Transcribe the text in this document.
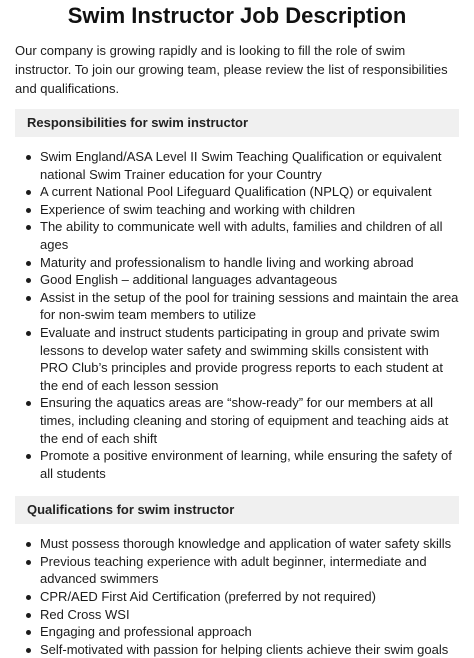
Swim Instructor Job Description

Our company is growing rapidly and is looking to fill the role of swim instructor. To join our growing team, please review the list of responsibilities and qualifications.

Responsibilities for swim instructor
Swim England/ASA Level II Swim Teaching Qualification or equivalent national Swim Trainer education for your Country
A current National Pool Lifeguard Qualification (NPLQ) or equivalent
Experience of swim teaching and working with children
The ability to communicate well with adults, families and children of all ages
Maturity and professionalism to handle living and working abroad
Good English – additional languages advantageous
Assist in the setup of the pool for training sessions and maintain the area for non-swim team members to utilize
Evaluate and instruct students participating in group and private swim lessons to develop water safety and swimming skills consistent with PRO Club’s principles and provide progress reports to each student at the end of each lesson session
Ensuring the aquatics areas are “show-ready” for our members at all times, including cleaning and storing of equipment and teaching aids at the end of each shift
Promote a positive environment of learning, while ensuring the safety of all students
Qualifications for swim instructor
Must possess thorough knowledge and application of water safety skills
Previous teaching experience with adult beginner, intermediate and advanced swimmers
CPR/AED First Aid Certification (preferred by not required)
Red Cross WSI
Engaging and professional approach
Self-motivated with passion for helping clients achieve their swim goals
